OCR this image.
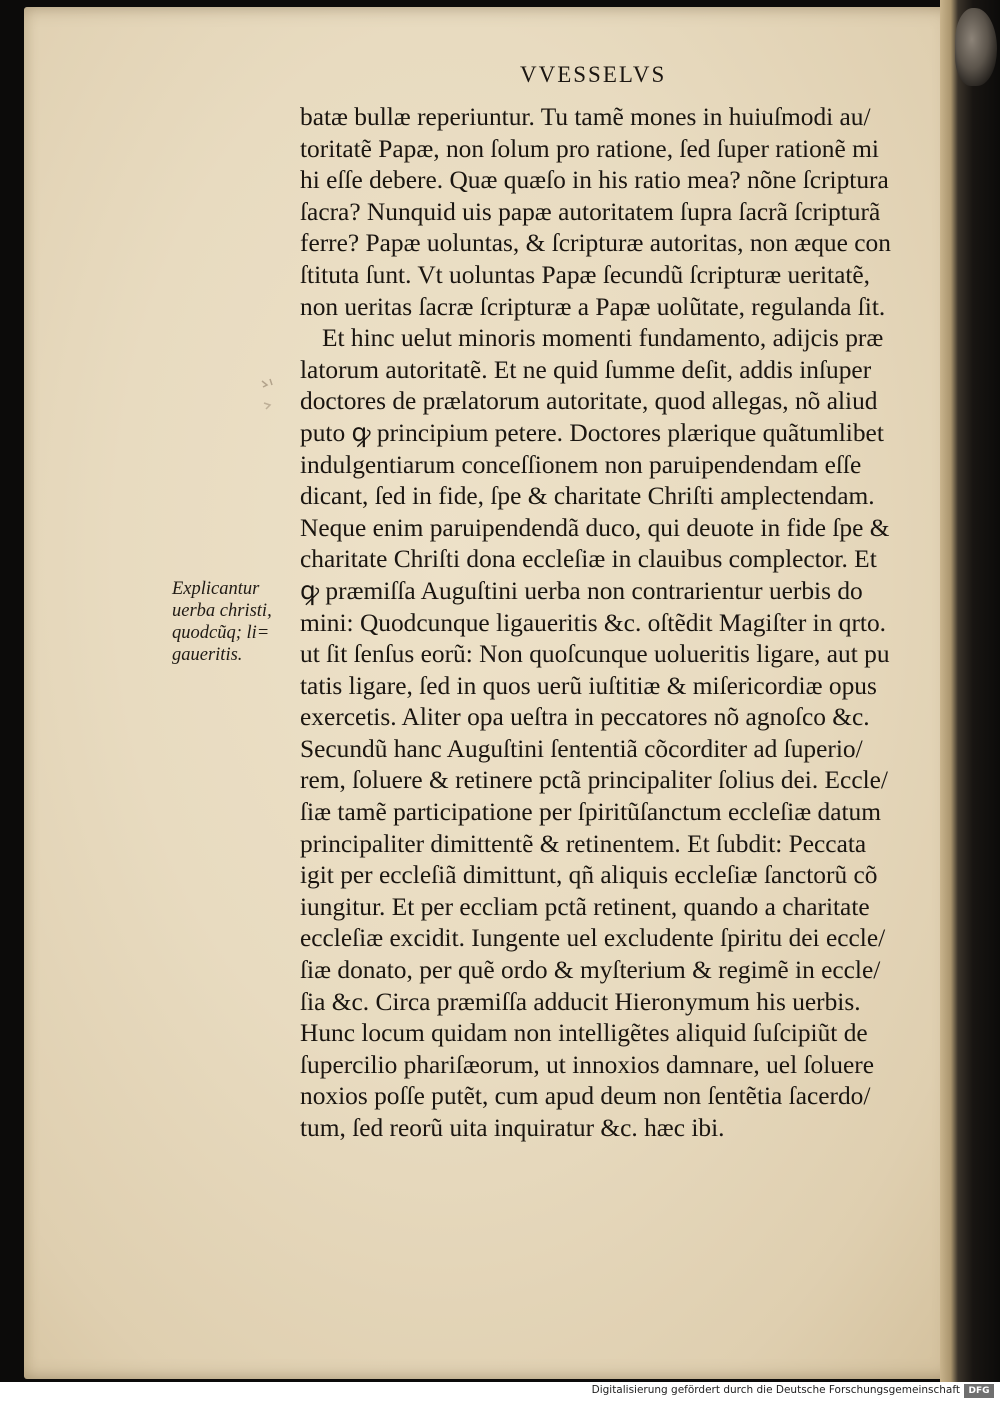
VVESSELVS
Explicantur
uerba christi,
quodcũq; li=
gaueritis.
batæ bullæ reperiuntur. Tu tamẽ mones in huiuſmodi au/
toritatẽ Papæ, non ſolum pro ratione, ſed ſuper rationẽ mi
hi eſſe debere. Quæ quæſo in his ratio mea? nõne ſcriptura
ſacra? Nunquid uis papæ autoritatem ſupra ſacrã ſcripturã
ferre? Papæ uoluntas, & ſcripturæ autoritas, non æque con
ſtituta ſunt. Vt uoluntas Papæ ſecundũ ſcripturæ ueritatẽ,
non ueritas ſacræ ſcripturæ a Papæ uolũtate, regulanda ſit.
Et hinc uelut minoris momenti fundamento, adijcis præ
latorum autoritatẽ. Et ne quid ſumme deſit, addis inſuper
doctores de prælatorum autoritate, quod allegas, nõ aliud
puto ꝙ principium petere. Doctores plærique quãtumlibet
indulgentiarum conceſſionem non paruipendendam eſſe
dicant, ſed in fide, ſpe & charitate Chriſti amplectendam.
Neque enim paruipendendã duco, qui deuote in fide ſpe &
charitate Chriſti dona eccleſiæ in clauibus complector. Et
ꝙ præmiſſa Auguſtini uerba non contrarientur uerbis do
mini: Quodcunque ligaueritis &c. oſtẽdit Magiſter in qrto.
ut ſit ſenſus eorũ: Non quoſcunque uolueritis ligare, aut pu
tatis ligare, ſed in quos uerũ iuſtitiæ & miſericordiæ opus
exercetis. Aliter opa ueſtra in peccatores nõ agnoſco &c.
Secundũ hanc Auguſtini ſententiã cõcorditer ad ſuperio/
rem, ſoluere & retinere pctã principaliter ſolius dei. Eccle/
ſiæ tamẽ participatione per ſpiritũſanctum eccleſiæ datum
principaliter dimittentẽ & retinentem. Et ſubdit: Peccata
igit per eccleſiã dimittunt, qñ aliquis eccleſiæ ſanctorũ cõ
iungitur. Et per eccliam pctã retinent, quando a charitate
eccleſiæ excidit. Iungente uel excludente ſpiritu dei eccle/
ſiæ donato, per quẽ ordo & myſterium & regimẽ in eccle/
ſia &c. Circa præmiſſa adducit Hieronymum his uerbis.
Hunc locum quidam non intelligẽtes aliquid ſuſcipiũt de
ſupercilio phariſæorum, ut innoxios damnare, uel ſoluere
noxios poſſe putẽt, cum apud deum non ſentẽtia ſacerdo/
tum, ſed reorũ uita inquiratur &c. hæc ibi.
Digitalisierung gefördert durch die Deutsche Forschungsgemeinschaft DFG
